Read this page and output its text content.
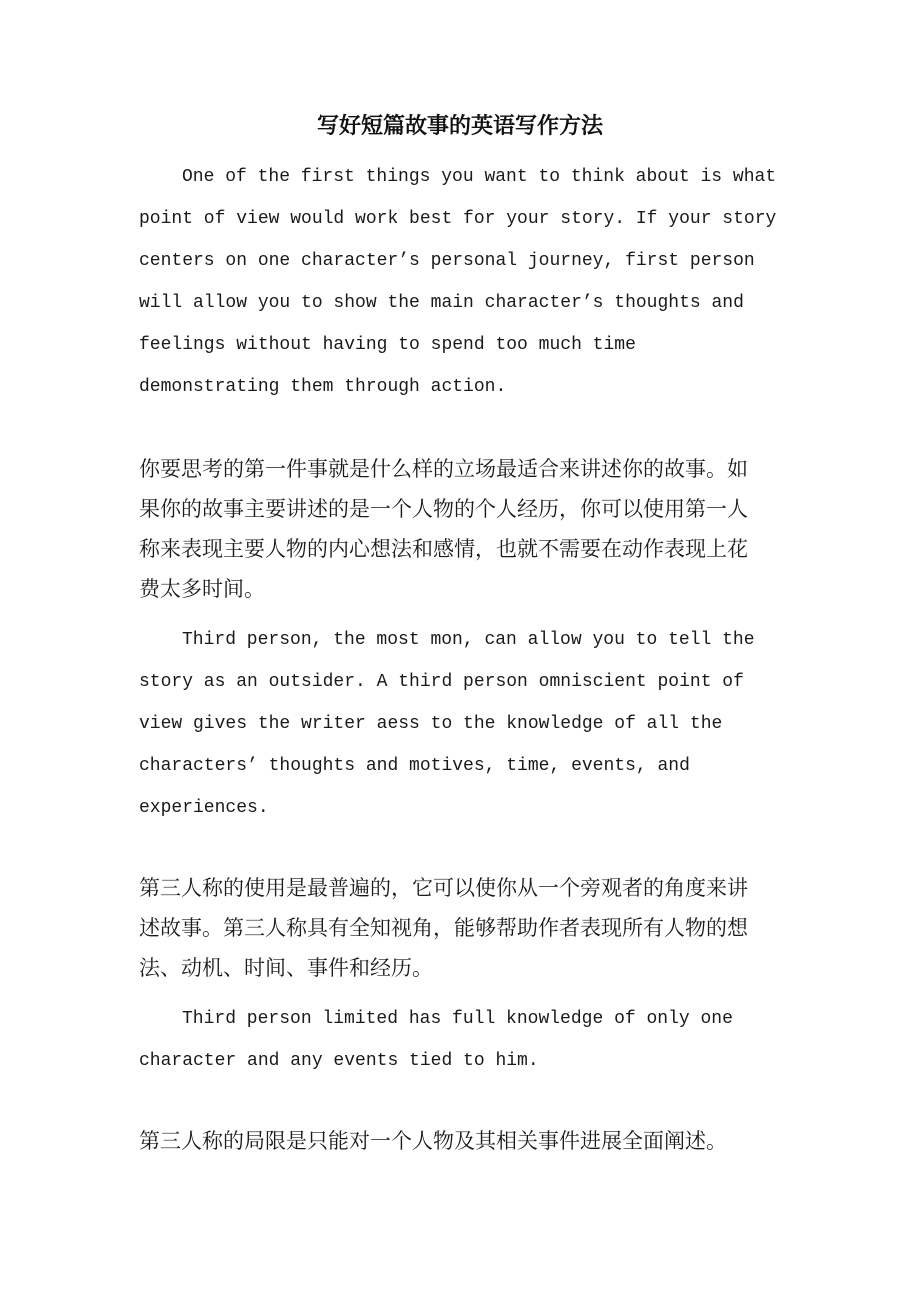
写好短篇故事的英语写作方法

One of the first things you want to think about is what
point of view would work best for your story. If your story
centers on one character’s personal journey, first person
will allow you to show the main character’s thoughts and
feelings without having to spend too much time
demonstrating them through action.

你要思考的第一件事就是什么样的立场最适合来讲述你的故事。如
果你的故事主要讲述的是一个人物的个人经历，你可以使用第一人
称来表现主要人物的内心想法和感情，也就不需要在动作表现上花
费太多时间。

Third person, the most mon, can allow you to tell the
story as an outsider. A third person omniscient point of
view gives the writer aess to the knowledge of all the
characters’ thoughts and motives, time, events, and
experiences.

第三人称的使用是最普遍的，它可以使你从一个旁观者的角度来讲
述故事。第三人称具有全知视角，能够帮助作者表现所有人物的想
法、动机、时间、事件和经历。

Third person limited has full knowledge of only one
character and any events tied to him.

第三人称的局限是只能对一个人物及其相关事件进展全面阐述。
